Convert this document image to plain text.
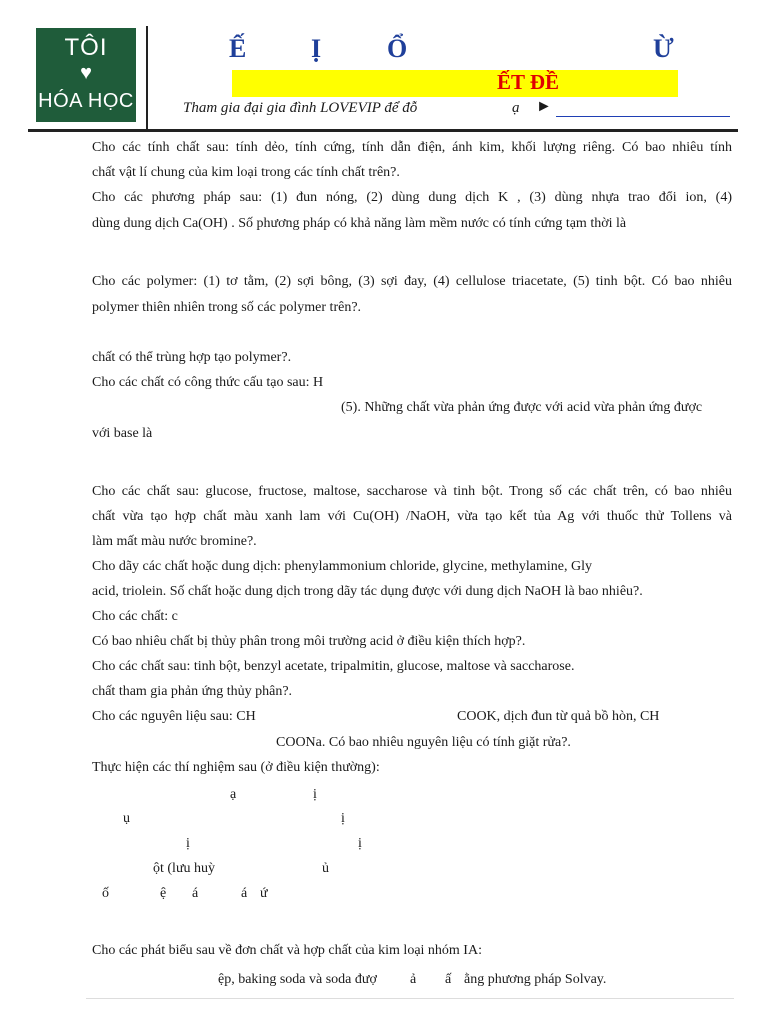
TÔI
♥
HÓA HỌC
Ế Ị	Ổ	Ừ
ẾT ĐỀ
Tham gia đại gia đình LOVEVIP để đỗ	ạ ►
Cho các tính chất sau: tính dẻo, tính cứng, tính dẫn điện, ánh kim, khối lượng riêng. Có bao nhiêu tính
chất vật lí chung của kim loại trong các tính chất trên?.
Cho các phương pháp sau: (1) đun nóng, (2) dùng dung dịch K , (3) dùng nhựa trao đổi ion, (4)
dùng dung dịch Ca(OH) . Số phương pháp có khả năng làm mềm nước có tính cứng tạm thời là
Cho các polymer: (1) tơ tằm, (2) sợi bông, (3) sợi đay, (4) cellulose triacetate, (5) tinh bột. Có bao nhiêu
polymer thiên nhiên trong số các polymer trên?.
chất có thể trùng hợp tạo polymer?.
Cho các chất có công thức cấu tạo sau: H
(5). Những chất vừa phản ứng được với acid vừa phản ứng được
với base là
Cho các chất sau: glucose, fructose, maltose, saccharose và tinh bột. Trong số các chất trên, có bao nhiêu
chất vừa tạo hợp chất màu xanh lam với Cu(OH) /NaOH, vừa tạo kết tủa Ag với thuốc thử Tollens và
làm mất màu nước bromine?.
Cho dãy các chất hoặc dung dịch: phenylammonium chloride, glycine, methylamine, Gly
acid, triolein. Số chất hoặc dung dịch trong dãy tác dụng được với dung dịch NaOH là bao nhiêu?.
Cho các chất: c
Có bao nhiêu chất bị thủy phân trong môi trường acid ở điều kiện thích hợp?.
Cho các chất sau: tinh bột, benzyl acetate, tripalmitin, glucose, maltose và saccharose.
chất tham gia phản ứng thủy phân?.
Cho các nguyên liệu sau: CH	COOK, dịch đun từ quả bồ hòn, CH
COONa. Có bao nhiêu nguyên liệu có tính giặt rửa?.
Thực hiện các thí nghiệm sau (ở điều kiện thường):
ạ	ị
ụ	ị
ị	ị
ột (lưu huỳ	ủ
ố	ệ á	á ứ
Cho các phát biểu sau về đơn chất và hợp chất của kim loại nhóm IA:
ệp, baking soda và soda đượ ả ấ ằng phương pháp Solvay.
